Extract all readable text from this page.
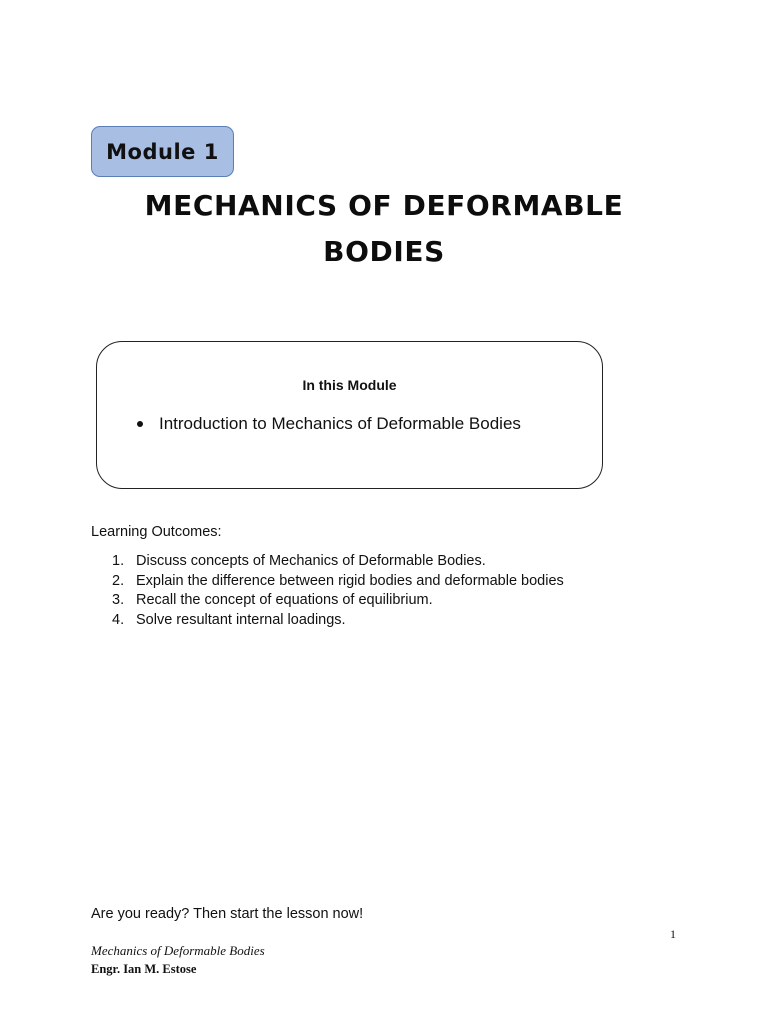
Module 1
MECHANICS OF DEFORMABLE
BODIES
In this Module
Introduction to Mechanics of Deformable Bodies
Learning Outcomes:
1. Discuss concepts of Mechanics of Deformable Bodies.
2. Explain the difference between rigid bodies and deformable bodies
3. Recall the concept of equations of equilibrium.
4. Solve resultant internal loadings.
Are you ready? Then start the lesson now!
1
Mechanics of Deformable Bodies
Engr. Ian M. Estose
